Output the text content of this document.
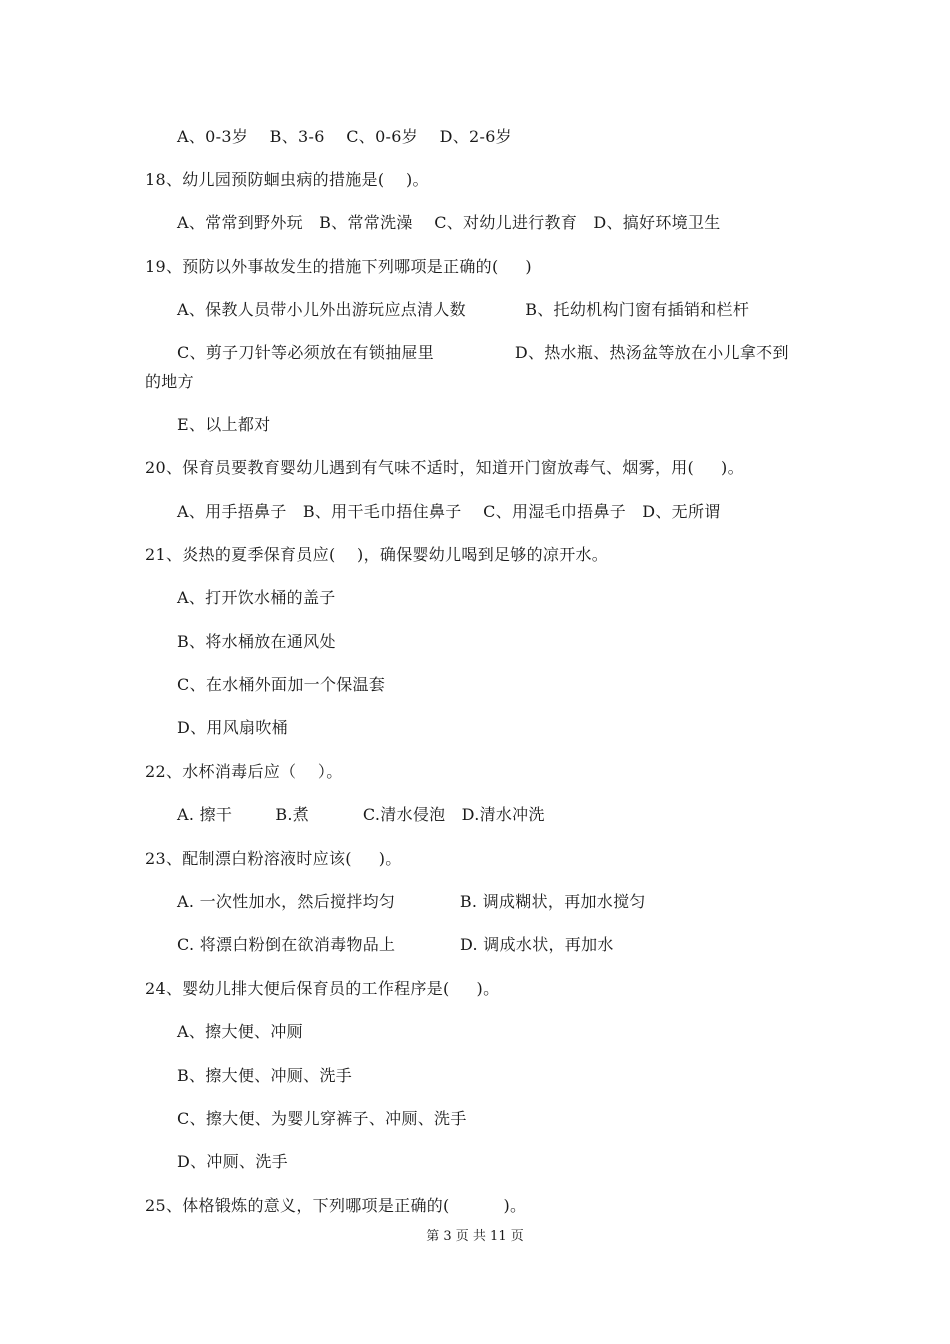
A、0-3岁    B、3-6    C、0-6岁    D、2-6岁
18、幼儿园预防蛔虫病的措施是(    )。
A、常常到野外玩   B、常常洗澡    C、对幼儿进行教育   D、搞好环境卫生
19、预防以外事故发生的措施下列哪项是正确的(     )
A、保教人员带小儿外出游玩应点清人数           B、托幼机构门窗有插销和栏杆
C、剪子刀针等必须放在有锁抽屉里               D、热水瓶、热汤盆等放在小儿拿不到
的地方
E、以上都对
20、保育员要教育婴幼儿遇到有气味不适时，知道开门窗放毒气、烟雾，用(     )。
A、用手捂鼻子   B、用干毛巾捂住鼻子    C、用湿毛巾捂鼻子   D、无所谓
21、炎热的夏季保育员应(    )，确保婴幼儿喝到足够的凉开水。
A、打开饮水桶的盖子
B、将水桶放在通风处
C、在水桶外面加一个保温套
D、用风扇吹桶
22、水杯消毒后应（    ）。
A. 擦干        B.煮          C.清水侵泡   D.清水冲洗
23、配制漂白粉溶液时应该(     )。
A. 一次性加水，然后搅拌均匀            B. 调成糊状，再加水搅匀
C. 将漂白粉倒在欲消毒物品上            D. 调成水状，再加水
24、婴幼儿排大便后保育员的工作程序是(     )。
A、擦大便、冲厕
B、擦大便、冲厕、洗手
C、擦大便、为婴儿穿裤子、冲厕、洗手
D、冲厕、洗手
25、体格锻炼的意义，下列哪项是正确的(          )。
第 3 页 共 11 页
